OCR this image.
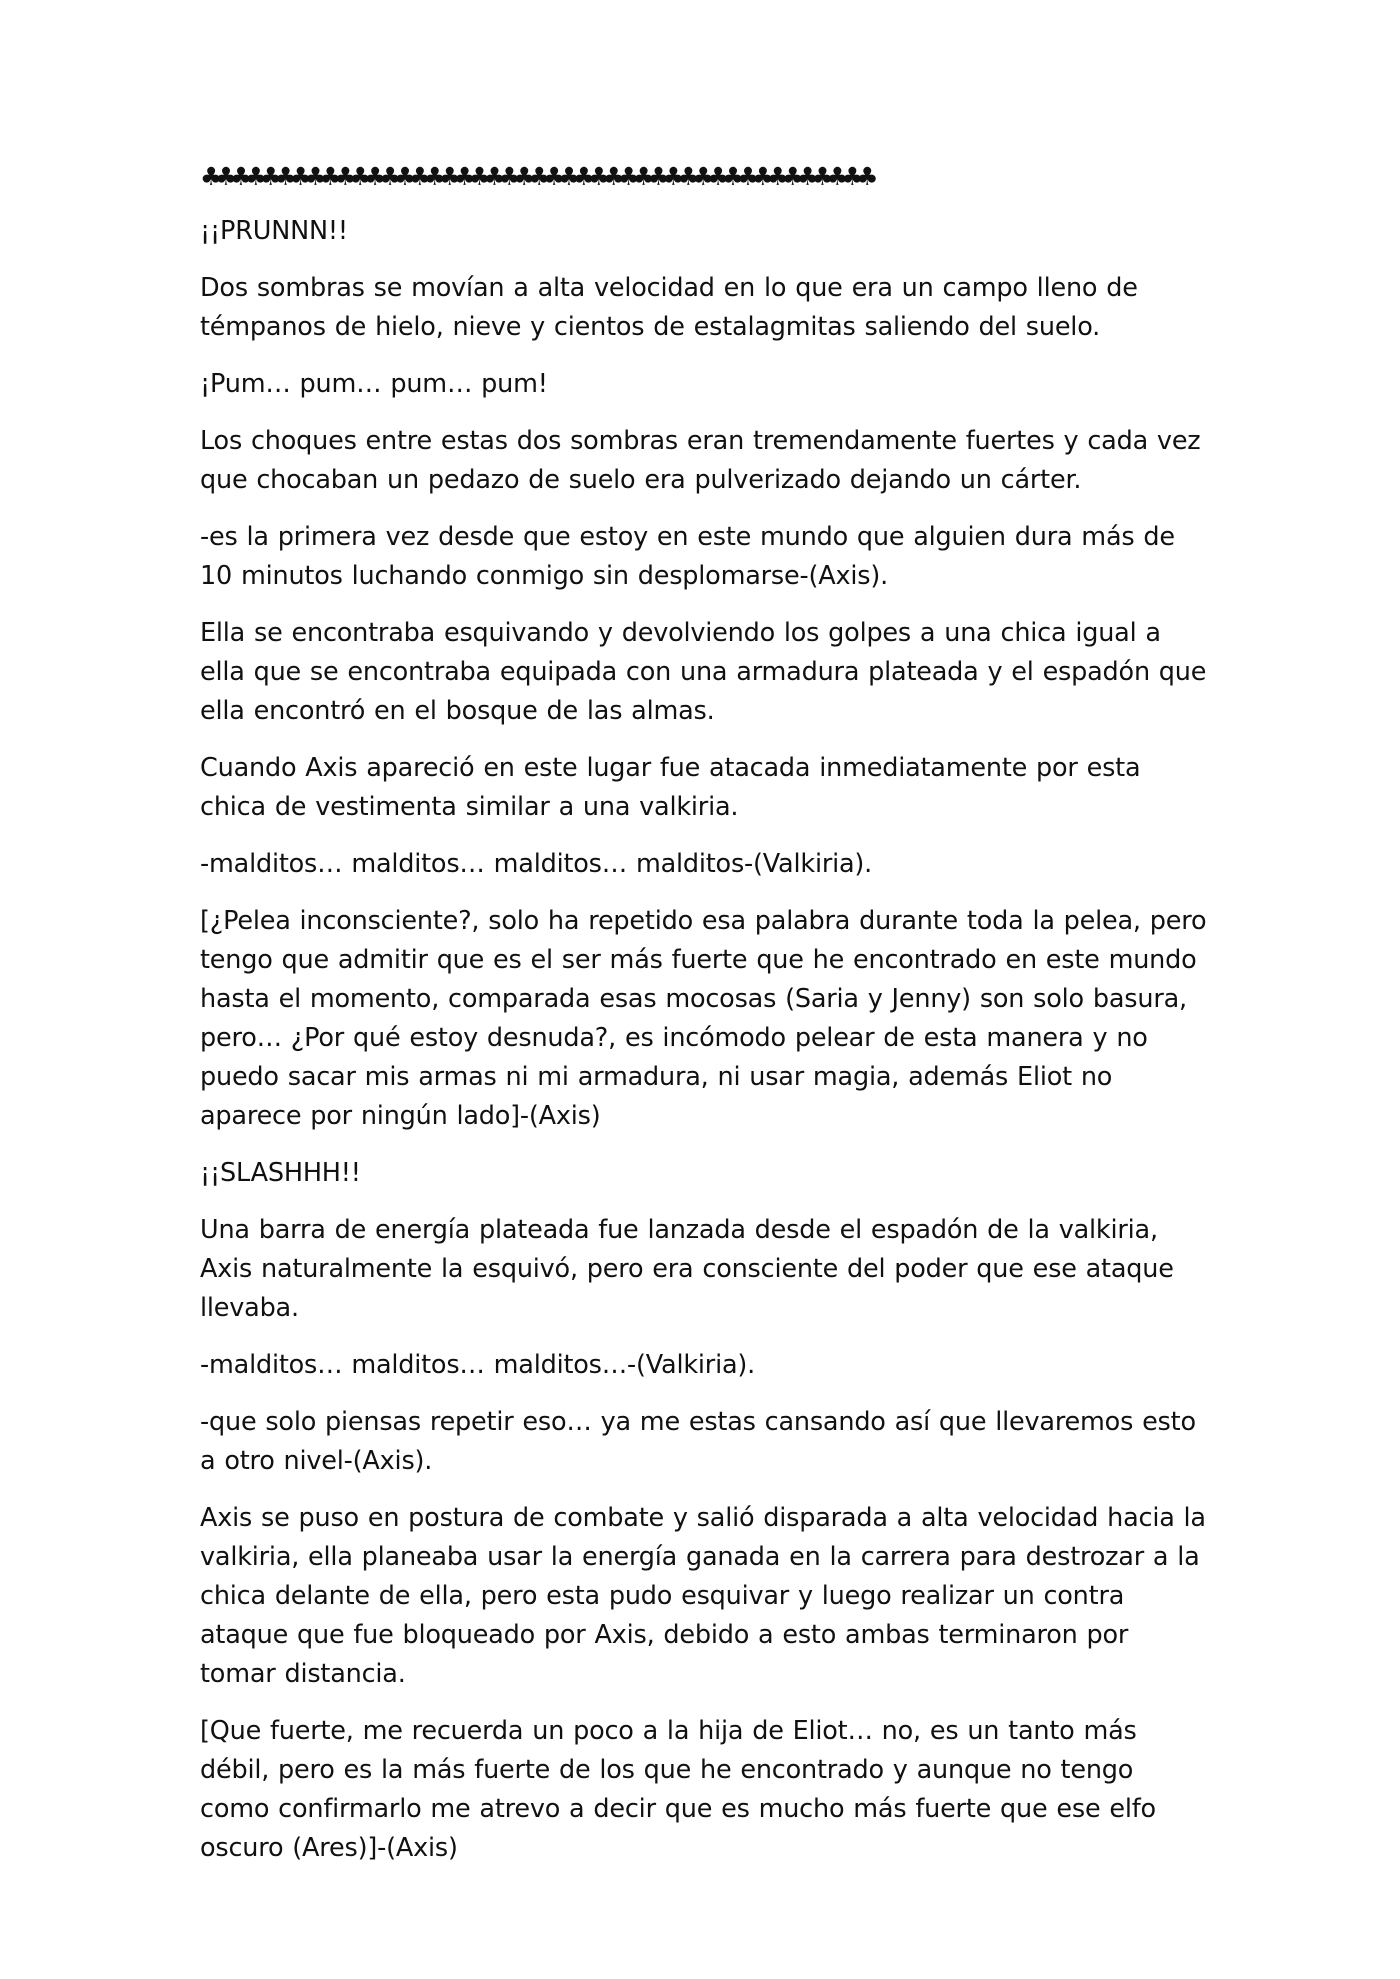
♣♣♣♣♣♣♣♣♣♣♣♣♣♣♣♣♣♣♣♣♣♣♣♣♣♣♣♣♣♣♣♣♣♣♣♣♣♣♣♣♣♣♣♣♣

¡¡PRUNNN!!

Dos sombras se movían a alta velocidad en lo que era un campo lleno de témpanos de hielo, nieve y cientos de estalagmitas saliendo del suelo.

¡Pum… pum… pum… pum!

Los choques entre estas dos sombras eran tremendamente fuertes y cada vez que chocaban un pedazo de suelo era pulverizado dejando un cárter.

-es la primera vez desde que estoy en este mundo que alguien dura más de 10 minutos luchando conmigo sin desplomarse-(Axis).

Ella se encontraba esquivando y devolviendo los golpes a una chica igual a ella que se encontraba equipada con una armadura plateada y el espadón que ella encontró en el bosque de las almas.

Cuando Axis apareció en este lugar fue atacada inmediatamente por esta chica de vestimenta similar a una valkiria.

-malditos… malditos… malditos… malditos-(Valkiria).

[¿Pelea inconsciente?, solo ha repetido esa palabra durante toda la pelea, pero tengo que admitir que es el ser más fuerte que he encontrado en este mundo hasta el momento, comparada esas mocosas (Saria y Jenny) son solo basura, pero… ¿Por qué estoy desnuda?, es incómodo pelear de esta manera y no puedo sacar mis armas ni mi armadura, ni usar magia, además Eliot no aparece por ningún lado]-(Axis)

¡¡SLASHHH!!

Una barra de energía plateada fue lanzada desde el espadón de la valkiria, Axis naturalmente la esquivó, pero era consciente del poder que ese ataque llevaba.

-malditos… malditos… malditos…-(Valkiria).

-que solo piensas repetir eso… ya me estas cansando así que llevaremos esto a otro nivel-(Axis).

Axis se puso en postura de combate y salió disparada a alta velocidad hacia la valkiria, ella planeaba usar la energía ganada en la carrera para destrozar a la chica delante de ella, pero esta pudo esquivar y luego realizar un contra ataque que fue bloqueado por Axis, debido a esto ambas terminaron por tomar distancia.

[Que fuerte, me recuerda un poco a la hija de Eliot… no, es un tanto más débil, pero es la más fuerte de los que he encontrado y aunque no tengo como confirmarlo me atrevo a decir que es mucho más fuerte que ese elfo oscuro (Ares)]-(Axis)
